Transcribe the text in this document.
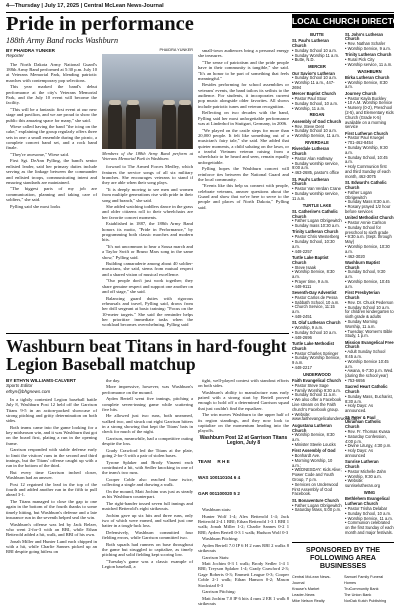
4—Thursday | July 17, 2025 | Central McLean News-Journal
Pride in performance
188th Army Band rocks Washburn
BY PHAIDRA YUNKER
Reporter

The North Dakota Army National Guard's 188th Army Band performed at 5:30 p.m. July 10 at Veterans Memorial Park, blending patriotic marches with contemporary pop selections.

This year marked the band's debut performance at the city's Veterans Memorial Park, and the July 10 event will become the facility.

"This will be a fantastic first event at our new stage and pavilion, and we are proud to show the public this amazing space for many," she said.

Wiese called having the band "the icing on the cake," explaining the group regularly offers three sets in one: a small ensemble during the picnic, a complete concert band set, and a rock band finale.

"They're awesome," Wiese said.

First Sgt. DeAnn Pylling, the band's senior enlisted leader, said her primary duties include serving as the linkage between the commander and enlisted troops, communicating intent and ensuring standards are maintained.

"The biggest parts of my job are communication, planning and taking care of soldiers," she said.

Pylling said she most looks

PHAIDRA YUNKER
Members of the 188th Army Band perform at Veterans Memorial Park in Washburn.

forward to The Armed Forces Medley, which features the service songs of all six military branches. She encourages veterans to stand if they are able when their song plays.

"It is deeply moving to see men and women from multiple generations rise with pride in their song and branch," she said.

She added watching toddlers dance in the grass and older citizens roll to their wheelchairs are her favorite concert moments.

Established in 1887, the 188th Army Band honors its motto, "Pride in Performance," by programming both classic marches and modern hits.

"It's not uncommon to hear a Sousa march and a Taylor Swift or Bruno Mars song in the same show," Pylling said.

Building camaraderie among about 40 soldier-musicians, she said, stems from mutual respect and a shared vision of musical excellence.

"Our people don't just work together; they share genuine respect and support one another on and off stage," she said.

Balancing guard duties with rigorous rehearsals and travel, Pylling said, draws from her drill sergeant at basic training: "Focus on the 10-meter targets." She said the reminder helps her prioritize immediate tasks when the workload becomes overwhelming. Pylling said

small-town audiences bring a personal energy she treasures.

"The sense of patriotism and the pride people have in their community is tangible," she said. "It's an honor to be part of something that feels meaningful."

Besides performing for school assemblies or veterans' events, the band tailors its setlists to the audience. For students, it incorporates current pop music alongside older favorites. All shows include patriotic tunes and veteran recognition.

Reflecting on two decades with the band, Pylling said her most unforgettable performance was at Linderhof in Stuttgart, Germany, in 2006.

"We played on the castle steps for more than 20,000 people. It felt like something out of a musician's fairy tale," she said. She added that quieter moments, a child saluting on the lawn, or a tearful Vietnam veteran raising from a wheelchair to be heard and seen, remain equally unforgettable.

Pylling hopes the Washburn concert will reinforce ties between the National Guard and the local community.

"Events like this help us connect with people, celebrate veterans, answer questions about the Guard and show that we're here to serve to the people and places of North Dakota," Pylling said.

Washburn beat Titans in hard-fought Legion Baseball matchup
BY ETHYN WILLIAMS-CALVERT
Sports Editor
ethyn@bhgnews.com

In a tightly contested Legion baseball battle July 8, Washburn Post 12 held off the Garrison Titans 9-5 in an action-packed showcase of strong pitching and gritty determination on both sides.

Both teams came into the game looking for a key midseason win, and it was Washburn that got on the board first, plating a run in the opening frame.

Garrison responded with stable defense early to limit the visitors' runs in the second and third innings, but the Titans' offense caught up with a run in the bottom of the third.

But every time Garrison inched closer, Washburn had an answer.

Post 12 regained the lead in the top of the fourth and added another run in the fifth to pull ahead 3-1.

The Titans managed to close the gap to one again in the bottom of the fourth thanks to some timely hitting, but Washburn's defense and a late insurance run in the seventh helped seal the win.

Washburn's offense was led by Jack Belzer, who went 2-for-3 with an RBI, while Ethan Betterold added a hit, walk, and RBI of his own.

Jonah Miller and Hunter Lund each chipped in with a hit, while Charlie Sannes picked up an RBI despite going hitless on

the day.

More impressive, however, was Washburn's performance on the mound.

Ayden Bertell went five innings, pitching a complete seven-inning game while scattering five hits.

He allowed just two runs, both unearned, walked two, and struck out eight Garrison hitters in a strong showing that kept the Titans' bats in check for much of the night.

Garrison, meanwhile, had a competitive outing despite the loss.

Grady Crawford led the Titans at the plate, going 2-for-3 with a pair of stolen bases.

Tyrone Splaker and Brody Vinzent each contributed a hit, with Sedler knocking in one of the team's two runs.

Cooper Coble also reached base twice, collecting a single and drawing a walk.

On the mound, Matt Jochim was just as steady as his Washburn counterpart.

The right-hander tossed seven full innings and matched Betterold's eight strikeouts.

Jochim gave up six hits and three runs, only two of which were earned, and walked just one batter in a tough-luck loss.

Defensively, Washburn committed four fielding errors, while Garrison committed two.

Both squads had runners on base throughout the game but struggled to capitalize, as timely pitching and solid fielding kept scoring low.

"Tuesday's game was a classic example of Legion baseball, a

tight, well-played contest with standout efforts on both sides.

Washburn's ability to manufacture runs early paired with a strong start by Bertell proved enough to hold off a determined Garrison squad that just couldn't find the equalizer.

The win moves Washburn to the upper half of its region standings, and they now look to capitalize on the momentum heading into the playoffs.

Washburn Post 12 at Garrison Titans Legion, July 8

TEAM     R H E

WAS 100110104 6 4

GAR 001100020 5 2

Washburn stats:

Hunter Wolf 1-4; Alex Betterold 1-4; Jack Betterold 2-4 1 RBI; Ethan Betterold 1-3 1 RBI 1 walk; Jonah Miller 1-2; Charlie Sannes 0-2 1 RBI; Ayden Bertell 0-3 1 walk; Hudson Wolf 0-3

Washburn Pitching:

Ayden Bertell 7.0 IP 6 H 2 runs RBI 2 walks 8 strikeouts

Garrison Stats:

Matt Jochim 0-3 1 walk; Brody Sedler 1-4 1 RBI; Treyson Splaker 1-4; Grady Crawford 2-3; Gage Roberts 0-3; Emmett League 0-3; Cooper Coble 2-1 walk; Ethan Hanson 0-2; Mason Stockstad 0-3

Garrison Pitching:

Matt Jochim 7.0 IP 6 hits 4 runs 2 ER 1 walk 8 strikeouts

LOCAL CHURCH DIRECTORY
BUTTE
St. Paul's Lutheran Church
• Sunday School 10 a.m.
• Sunday Worship 11 a.m.
• Butte, N.D.
MERCER
Our Savior's Lutheran
• Sunday School 10 a.m.
• Worship 11 a.m., 447-2694
Mercer Baptist Church
• Pastor Paul Stour
• Sunday School, 10 a.m.
• Worship, 11 a.m.
REGAN
Assembly of God Church
• Rev. Steve Dent
• Sunday School 10 a.m.
• Worship Service, 11 a.m.
RIVERDALE
Riverdale Lutheran Church
• Pastor Alan Hathway
• Sunday worship service, 9:00 a.m.
• 463-2685, pastor's office
St. Paul's Lutheran Church
• Pastor Van Verdan Crane
• Sunday worship service, 11 a.m.
TURTLE LAKE
St. Catherine's Catholic Church
• Father Logan Obrigewitch
• Sunday mass 10:30 a.m.
Trinity Lutheran Church
• Pastor Chris Westerberg
• Sunday School, 10:30 a.m.
• 448-2257
Turtle Lake Baptist Church
• Steve Isaak
• Worship Service, 8:30 a.m.
• Prayer time, 9 a.m.
• 448-9111
Seventh-Day Adventist
• Pastor Carlos de Pessa
• Sabbath School, 10 a.m.
• Church Service, 11:15 a.m.
• 448-2451
St. Olaf Lutheran Church
• Worship, 9 a.m.
• Sunday School 10 a.m.
• 448-2696
Turtle Lake Methodist Church
• Pastor Charles Springer
• Sunday Worship Service, 9 a.m.
• 448-2217
UNDERWOOD
Faith Evangelical Church
• Pastor Steve Sage
• Family Worship 9:30 a.m.
• Sunday School 11 a.m.
• We also offer a Facebook Live stream on the Faith church's Facebook group.
• Website: www.faithevangelicalunderwood.org
Augustana Lutheran Church
• Worship Service, 8:30 a.m.
• Minister Steele Loucks
First Assembly of God
• Bonhardt Ave.
• Morning Worship, 10 a.m.;
• WEDNESDAY: Kids Alive; Power Code and Youth Group, 7 p.m.
• Services on Underwood First Assembly of God Facebook.
St. Bonaventure Church
• Father Logan Obrigewitch
• Saturday Mass, 5:00 p.m.
St. John's Lutheran Church
• Rev. Nathan Schafer
• Worship Service, 9 a.m.
Trinity Lutheran Church
• Rural Pick City
• Worship service, 11 a.m.
WASHBURN
Birka Lutheran Church
• Worship Service, 8:30 a.m.
Journey Church
• Pastor Kayla Buckley
• 10 A.M. Worship Service
• Nursery (0-2), Preschool (2-5), and Elementary Kids Church (Grade K-5) available on a morning service
First Lutheran Church
• Pastor Paul Kruegel
• 701-462-8454
• Sunday Worship, 9:30 a.m.
• Sunday School, 10:45 a.m.
• Holy Communion first and third Sunday of each month, 462-3075
St. Edward's Catholic Church
• Father Logan Obrigewitch
• Sunday Mass 8:30 a.m.
• Rosary prayed 1/2 hour before services
United Methodist Church
• Pastor Annie Carlson
• Sunday School for preschool to sixth grade
• 9:30 a.m. (Sept. through May)
• Worship Service, 10:30 a.m.
• 462-3020
Washburn Baptist Church
• Sunday School, 9:30 a.m.
• Worship Service, 10:45 a.m.
First Presbyterian Church
• Rev. Dr. Chuck Pederson
• Sunday School 10 a.m. for children kindergarten to sixth grade & adults
• Sunday Morning Worship, 11 a.m.
• Tuesday: Women's Bible Study, 1 p.m.
Mission Evangelical Free Church
• Adult Sunday School 9:45 a.m.
• Worship Service 10:45 a.m.
• Awana, 6-7:30 p.m. Wed. (during the school year)
• 753-6656
Sacred Heart Catholic Church
• Sunday Mass, Eucharist, 8:30 a.m.
• Holy Days: As announced.
St. Peter & Paul Ukrainian Catholic Church
• Rev. Fr. Thomas Kvasa
• Saturday Confession, 4:00 p.m.
• Divine Liturgy, 4:30 p.m.
• Holy Days: As announced
Sunrise Lutheran Church
• Pastor Michelle Zahn
• Worship, 9:30 a.m.
• Website: sunriselutheran.org
WING
Bethlehem Evangelical Lutheran Church
• Pastor Trisha Delabar
• Sunday School, 10 a.m.
• Worship Service, 11 a.m.
• Communion celebrated on the first Sunday of each month and major festivals.
SPONSORED BY THE FOLLOWING AREA BUSINESSES
Central McLean News-Journal
Krause's Market
Leader-News
Mike Nelson Realty
Samuel Family Funeral Homes
TruCommunity Bank
The Union Bank
NorDak Kutch Publishing
